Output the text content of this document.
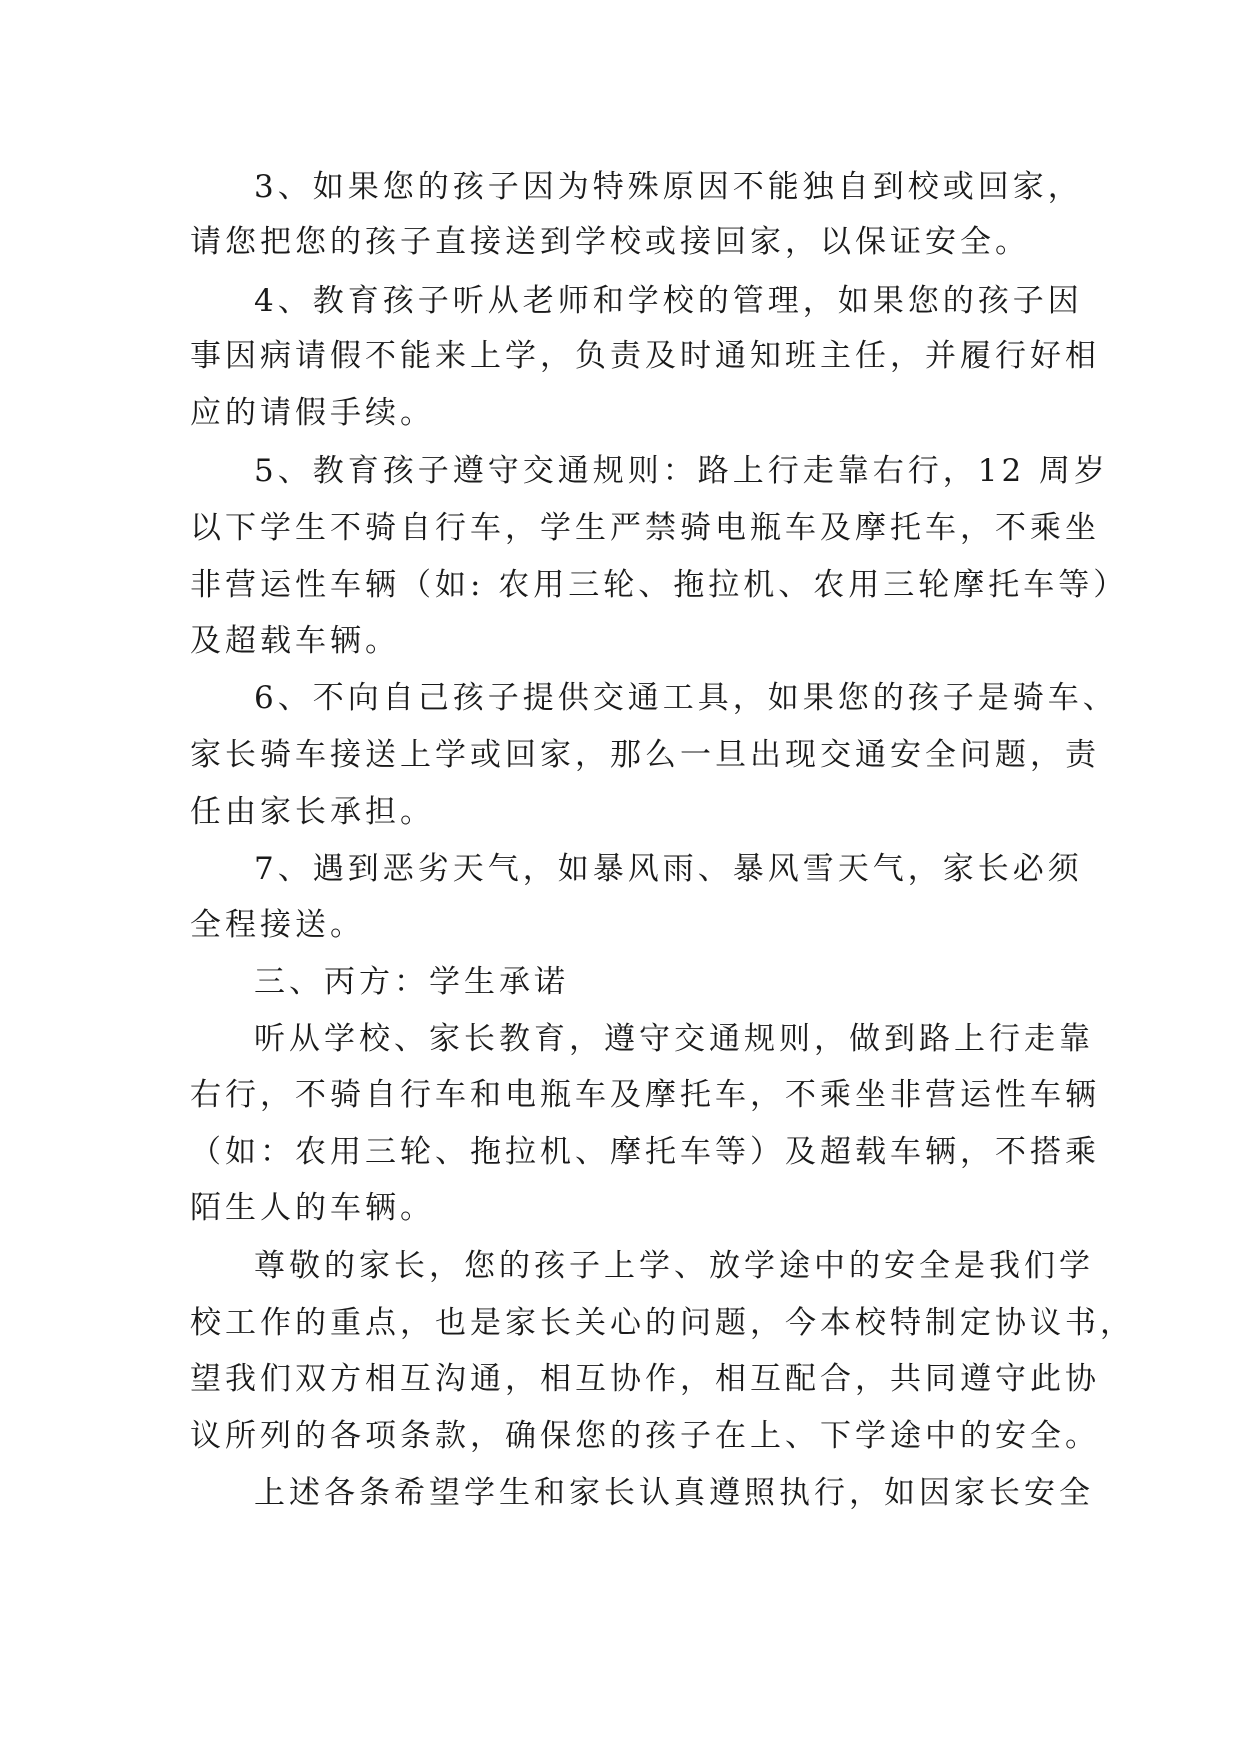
3、如果您的孩子因为特殊原因不能独自到校或回家，
请您把您的孩子直接送到学校或接回家，以保证安全。
4、教育孩子听从老师和学校的管理，如果您的孩子因
事因病请假不能来上学，负责及时通知班主任，并履行好相
应的请假手续。
5、教育孩子遵守交通规则：路上行走靠右行，12 周岁
以下学生不骑自行车，学生严禁骑电瓶车及摩托车，不乘坐
非营运性车辆（如: 农用三轮、拖拉机、农用三轮摩托车等）
及超载车辆。
6、不向自己孩子提供交通工具，如果您的孩子是骑车、
家长骑车接送上学或回家，那么一旦出现交通安全问题，责
任由家长承担。
7、遇到恶劣天气，如暴风雨、暴风雪天气，家长必须
全程接送。
三、丙方：学生承诺
听从学校、家长教育，遵守交通规则，做到路上行走靠
右行，不骑自行车和电瓶车及摩托车，不乘坐非营运性车辆
（如：农用三轮、拖拉机、摩托车等）及超载车辆，不搭乘
陌生人的车辆。
尊敬的家长，您的孩子上学、放学途中的安全是我们学
校工作的重点，也是家长关心的问题，今本校特制定协议书，
望我们双方相互沟通，相互协作，相互配合，共同遵守此协
议所列的各项条款，确保您的孩子在上、下学途中的安全。
上述各条希望学生和家长认真遵照执行，如因家长安全
